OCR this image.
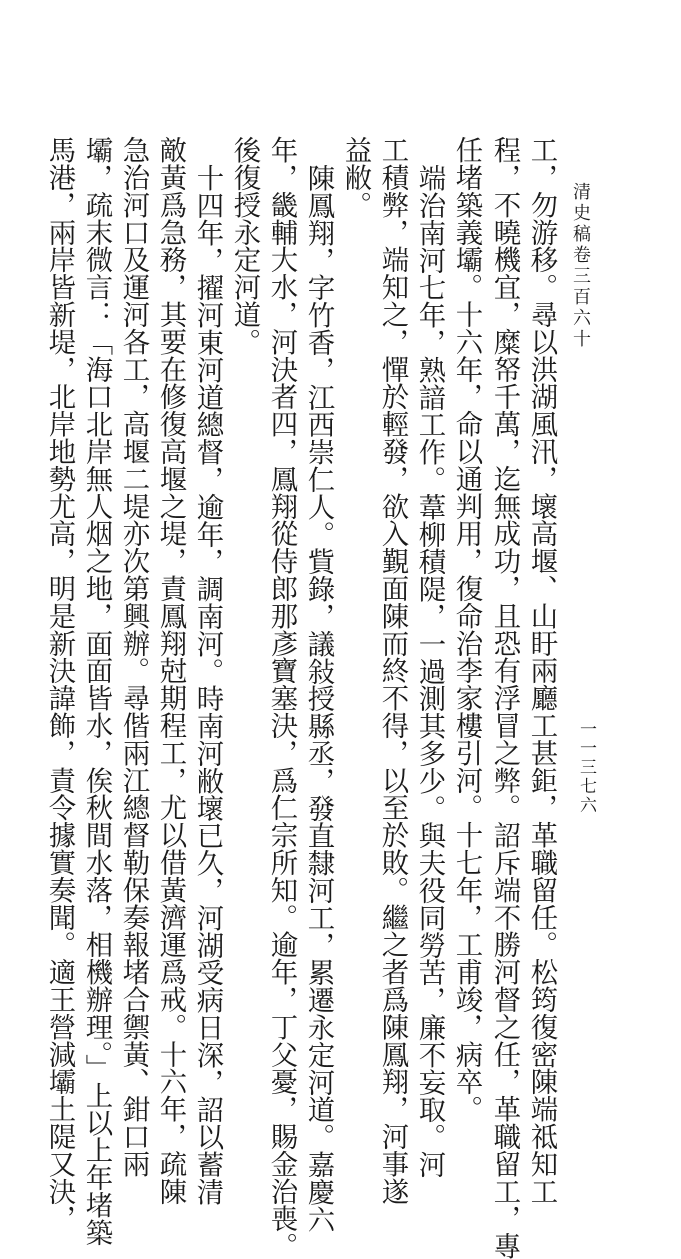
清史稿卷三百六十
一一三七六
工，勿游移。尋以洪湖風汛，壞高堰、山盱兩廳工甚鉅，革職留任。松筠復密陳端祗知工
程，不曉機宜，糜帑千萬，迄無成功，且恐有浮冒之弊。詔斥端不勝河督之任，革職留工，專
任堵築義壩。十六年，命以通判用，復命治李家樓引河。十七年，工甫竣，病卒。
端治南河七年，熟諳工作。葦柳積隄，一過測其多少。與夫役同勞苦，廉不妄取。河
工積弊，端知之，憚於輕發，欲入覲面陳而終不得，以至於敗。繼之者爲陳鳳翔，河事遂
益敝。
陳鳳翔，字竹香，江西崇仁人。貲錄，議敍授縣丞，發直隸河工，累遷永定河道。嘉慶六
年，畿輔大水，河決者四，鳳翔從侍郎那彥寶塞決，爲仁宗所知。逾年，丁父憂，賜金治喪。
後復授永定河道。
十四年，擢河東河道總督，逾年，調南河。時南河敝壞已久，河湖受病日深，詔以蓄清
敵黃爲急務，其要在修復高堰之堤，責鳳翔尅期程工，尤以借黃濟運爲戒。十六年，疏陳
急治河口及運河各工，高堰二堤亦次第興辦。尋偕兩江總督勒保奏報堵合禦黃、鉗口兩
壩，疏末微言：「海口北岸無人烟之地，面面皆水，俟秋間水落，相機辦理。」上以上年堵築
馬港，兩岸皆新堤，北岸地勢尤高，明是新決諱飾，責令據實奏聞。適王營減壩土隄又決，
